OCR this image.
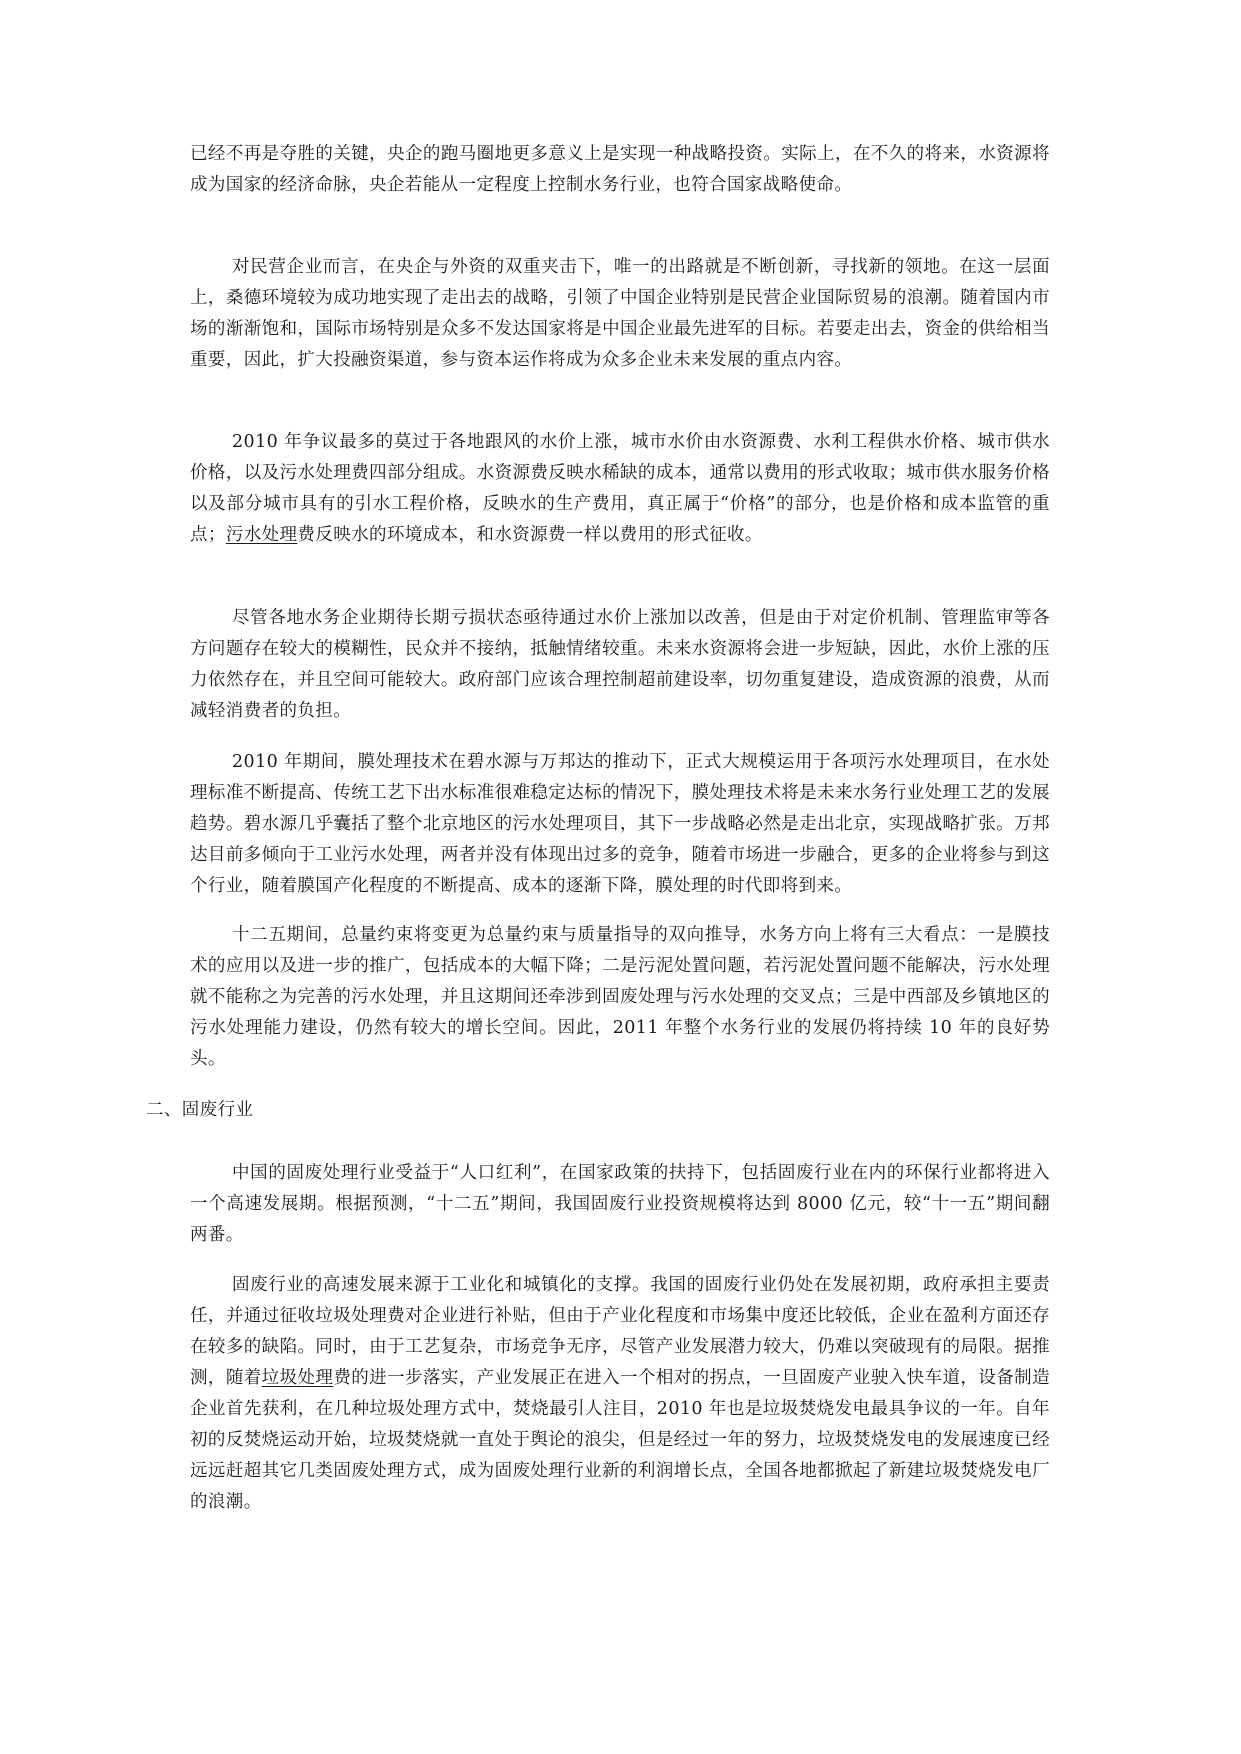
已经不再是夺胜的关键，央企的跑马圈地更多意义上是实现一种战略投资。实际上，在不久的将来，水资源将成为国家的经济命脉，央企若能从一定程度上控制水务行业，也符合国家战略使命。

对民营企业而言，在央企与外资的双重夹击下，唯一的出路就是不断创新，寻找新的领地。在这一层面上，桑德环境较为成功地实现了走出去的战略，引领了中国企业特别是民营企业国际贸易的浪潮。随着国内市场的渐渐饱和，国际市场特别是众多不发达国家将是中国企业最先进军的目标。若要走出去，资金的供给相当重要，因此，扩大投融资渠道，参与资本运作将成为众多企业未来发展的重点内容。

2010 年争议最多的莫过于各地跟风的水价上涨，城市水价由水资源费、水利工程供水价格、城市供水价格，以及污水处理费四部分组成。水资源费反映水稀缺的成本，通常以费用的形式收取；城市供水服务价格以及部分城市具有的引水工程价格，反映水的生产费用，真正属于“价格”的部分，也是价格和成本监管的重点；污水处理费反映水的环境成本，和水资源费一样以费用的形式征收。

尽管各地水务企业期待长期亏损状态亟待通过水价上涨加以改善，但是由于对定价机制、管理监审等各方问题存在较大的模糊性，民众并不接纳，抵触情绪较重。未来水资源将会进一步短缺，因此，水价上涨的压力依然存在，并且空间可能较大。政府部门应该合理控制超前建设率，切勿重复建设，造成资源的浪费，从而减轻消费者的负担。

2010 年期间，膜处理技术在碧水源与万邦达的推动下，正式大规模运用于各项污水处理项目，在水处理标准不断提高、传统工艺下出水标准很难稳定达标的情况下，膜处理技术将是未来水务行业处理工艺的发展趋势。碧水源几乎囊括了整个北京地区的污水处理项目，其下一步战略必然是走出北京，实现战略扩张。万邦达目前多倾向于工业污水处理，两者并没有体现出过多的竞争，随着市场进一步融合，更多的企业将参与到这个行业，随着膜国产化程度的不断提高、成本的逐渐下降，膜处理的时代即将到来。

十二五期间，总量约束将变更为总量约束与质量指导的双向推导，水务方向上将有三大看点：一是膜技术的应用以及进一步的推广，包括成本的大幅下降；二是污泥处置问题，若污泥处置问题不能解决，污水处理就不能称之为完善的污水处理，并且这期间还牵涉到固废处理与污水处理的交叉点；三是中西部及乡镇地区的污水处理能力建设，仍然有较大的增长空间。因此，2011 年整个水务行业的发展仍将持续 10 年的良好势头。

二、固废行业

中国的固废处理行业受益于“人口红利”，在国家政策的扶持下，包括固废行业在内的环保行业都将进入一个高速发展期。根据预测，“十二五”期间，我国固废行业投资规模将达到 8000 亿元，较“十一五”期间翻两番。

固废行业的高速发展来源于工业化和城镇化的支撑。我国的固废行业仍处在发展初期，政府承担主要责任，并通过征收垃圾处理费对企业进行补贴，但由于产业化程度和市场集中度还比较低，企业在盈利方面还存在较多的缺陷。同时，由于工艺复杂，市场竞争无序，尽管产业发展潜力较大，仍难以突破现有的局限。据推测，随着垃圾处理费的进一步落实，产业发展正在进入一个相对的拐点，一旦固废产业驶入快车道，设备制造企业首先获利，在几种垃圾处理方式中，焚烧最引人注目，2010 年也是垃圾焚烧发电最具争议的一年。自年初的反焚烧运动开始，垃圾焚烧就一直处于舆论的浪尖，但是经过一年的努力，垃圾焚烧发电的发展速度已经远远赶超其它几类固废处理方式，成为固废处理行业新的利润增长点，全国各地都掀起了新建垃圾焚烧发电厂的浪潮。
